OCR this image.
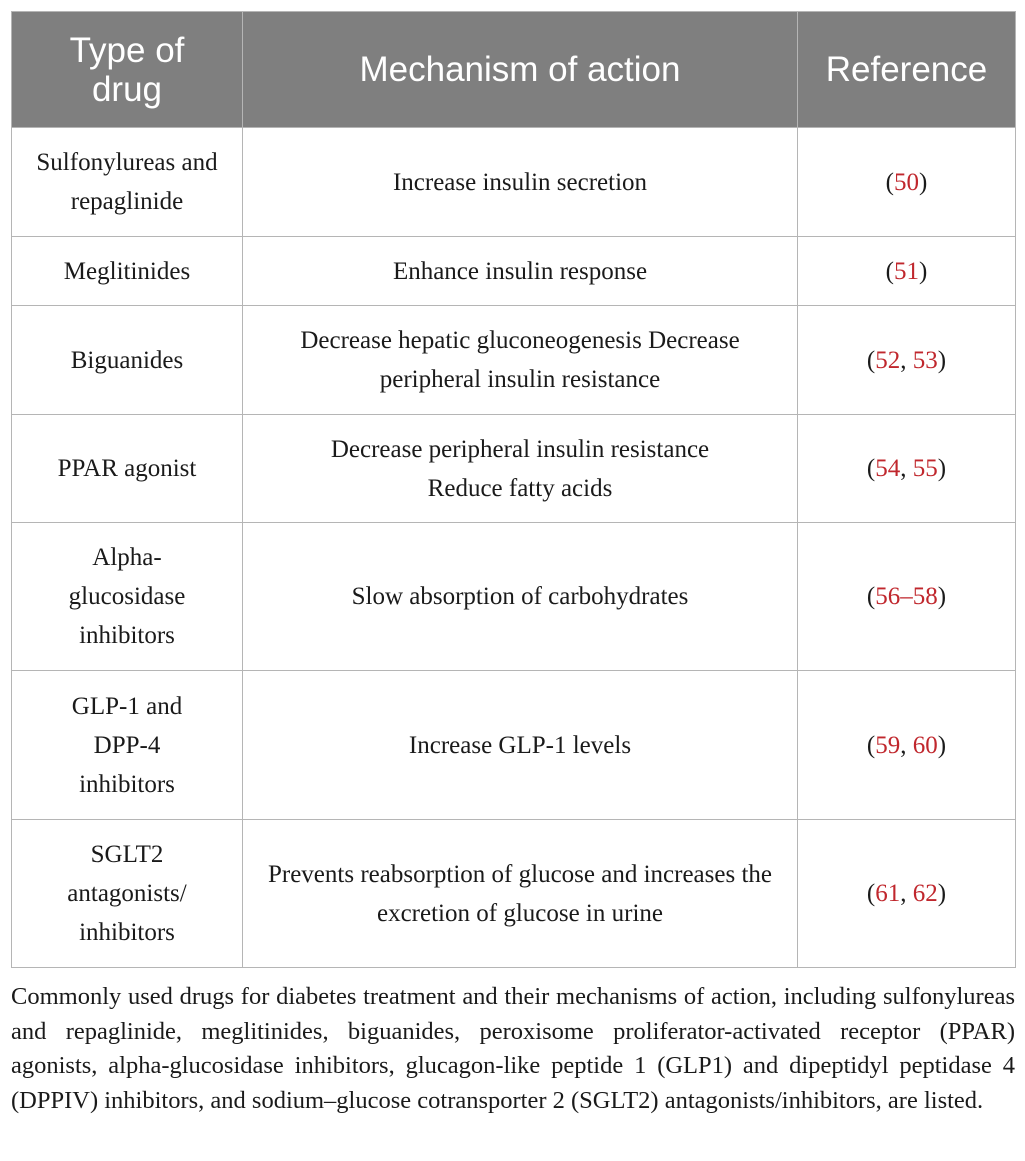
Type of drug	Mechanism of action	Reference
Sulfonylureas and repaglinide	Increase insulin secretion	(50)
Meglitinides	Enhance insulin response	(51)
Biguanides	Decrease hepatic gluconeogenesis Decrease peripheral insulin resistance	(52, 53)
PPAR agonist	Decrease peripheral insulin resistance Reduce fatty acids	(54, 55)
Alpha-glucosidase inhibitors	Slow absorption of carbohydrates	(56–58)
GLP-1 and DPP-4 inhibitors	Increase GLP-1 levels	(59, 60)
SGLT2 antagonists/ inhibitors	Prevents reabsorption of glucose and increases the excretion of glucose in urine	(61, 62)

Commonly used drugs for diabetes treatment and their mechanisms of action, including sulfonylureas and repaglinide, meglitinides, biguanides, peroxisome proliferator-activated receptor (PPAR) agonists, alpha-glucosidase inhibitors, glucagon-like peptide 1 (GLP1) and dipeptidyl peptidase 4 (DPPIV) inhibitors, and sodium–glucose cotransporter 2 (SGLT2) antagonists/inhibitors, are listed.
